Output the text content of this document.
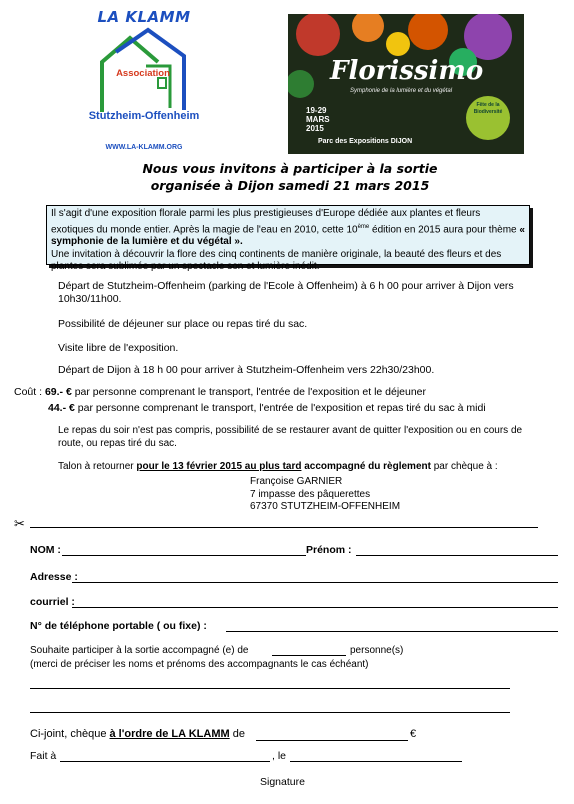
LA KLAMM
Association
Stutzheim-Offenheim
WWW.LA-KLAMM.ORG
Florissimo
Symphonie de la lumière et du végétal
19-29
MARS
2015
Parc des Expositions DIJON
Fête de la Biodiversité
Nous vous invitons à participer à la sortie
organisée à Dijon samedi 21 mars 2015
Il s'agit d'une exposition florale parmi les plus prestigieuses d'Europe dédiée aux plantes et fleurs exotiques du monde entier. Après la magie de l'eau en 2010, cette 10ème édition en 2015 aura pour thème « symphonie de la lumière et du végétal ».
Une invitation à découvrir la flore des cinq continents de manière originale, la beauté des fleurs et des plantes sera sublimée par un spectacle son et lumière inédit.
Départ de Stutzheim-Offenheim (parking de l'Ecole à Offenheim) à 6 h 00 pour arriver à Dijon vers 10h30/11h00.
Possibilité de déjeuner sur place ou repas tiré du sac.
Visite libre de l'exposition.
Départ de Dijon à 18 h 00 pour arriver à Stutzheim-Offenheim vers 22h30/23h00.
Coût : 69.- € par personne comprenant le transport, l'entrée de l'exposition et le déjeuner
44.- € par personne comprenant le transport, l'entrée de l'exposition et repas tiré du sac à midi
Le repas du soir n'est pas compris, possibilité de se restaurer avant de quitter l'exposition ou en cours de route, ou repas tiré du sac.
Talon à retourner pour le 13 février 2015 au plus tard accompagné du règlement par chèque à :
Françoise GARNIER
7 impasse des pâquerettes
67370 STUTZHEIM-OFFENHEIM
✂
NOM :	Prénom :
Adresse :
courriel :
N° de téléphone portable ( ou fixe) :
Souhaite participer à la sortie accompagné (e) de	personne(s)
(merci de préciser les noms et prénoms des accompagnants le cas échéant)
Ci-joint, chèque à l'ordre de LA KLAMM de	€
Fait à	, le
Signature
